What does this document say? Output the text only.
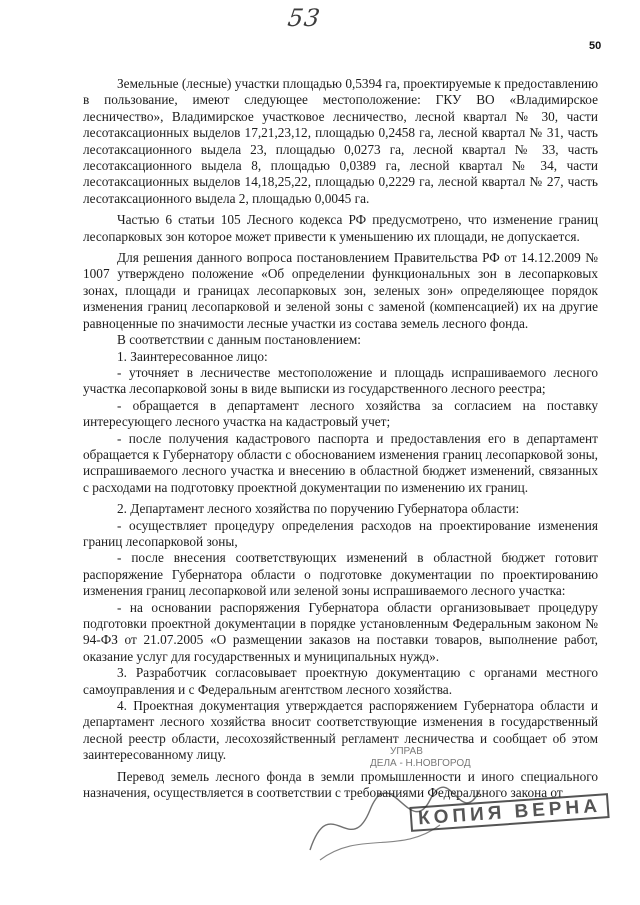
53
50

Земельные (лесные) участки площадью 0,5394 га, проектируемые к предоставлению в пользование, имеют следующее местоположение: ГКУ ВО «Владимирское лесничество», Владимирское участковое лесничество, лесной квартал № 30, части лесотаксационных выделов 17,21,23,12, площадью 0,2458 га, лесной квартал № 31, часть лесотаксационного выдела 23, площадью 0,0273 га, лесной квартал № 33, часть лесотаксационного выдела 8, площадью 0,0389 га, лесной квартал № 34, части лесотаксационных выделов 14,18,25,22, площадью 0,2229 га, лесной квартал № 27, часть лесотаксационного выдела 2, площадью 0,0045 га.

Частью 6 статьи 105 Лесного кодекса РФ предусмотрено, что изменение границ лесопарковых зон которое может привести к уменьшению их площади, не допускается.

Для решения данного вопроса постановлением Правительства РФ от 14.12.2009 № 1007 утверждено положение «Об определении функциональных зон в лесопарковых зонах, площади и границах лесопарковых зон, зеленых зон» определяющее порядок изменения границ лесопарковой и зеленой зоны с заменой (компенсацией) их на другие равноценные по значимости лесные участки из состава земель лесного фонда.

В соответствии с данным постановлением:

1. Заинтересованное лицо:

- уточняет в лесничестве местоположение и площадь испрашиваемого лесного участка лесопарковой зоны в виде выписки из государственного лесного реестра;

- обращается в департамент лесного хозяйства за согласием на поставку интересующего лесного участка на кадастровый учет;

- после получения кадастрового паспорта и предоставления его в департамент обращается к Губернатору области с обоснованием изменения границ лесопарковой зоны, испрашиваемого лесного участка и внесению в областной бюджет изменений, связанных с расходами на подготовку проектной документации по изменению их границ.

2. Департамент лесного хозяйства по поручению Губернатора области:

- осуществляет процедуру определения расходов на проектирование изменения границ лесопарковой зоны,

- после внесения соответствующих изменений в областной бюджет готовит распоряжение Губернатора области о подготовке документации по проектированию изменения границ лесопарковой или зеленой зоны испрашиваемого лесного участка:

- на основании распоряжения Губернатора области организовывает процедуру подготовки проектной документации в порядке установленным Федеральным законом № 94-ФЗ от 21.07.2005 «О размещении заказов на поставки товаров, выполнение работ, оказание услуг для государственных и муниципальных нужд».

3. Разработчик согласовывает проектную документацию с органами местного самоуправления и с Федеральным агентством лесного хозяйства.

4. Проектная документация утверждается распоряжением Губернатора области и департамент лесного хозяйства вносит соответствующие изменения в государственный лесной реестр области, лесохозяйственный регламент лесничества и сообщает об этом заинтересованному лицу.

Перевод земель лесного фонда в земли промышленности и иного специального назначения, осуществляется в соответствии с требованиями Федерального закона от

УПРАВ
ДЕЛА - Н.НОВГОРОД
КОПИЯ ВЕРНА
